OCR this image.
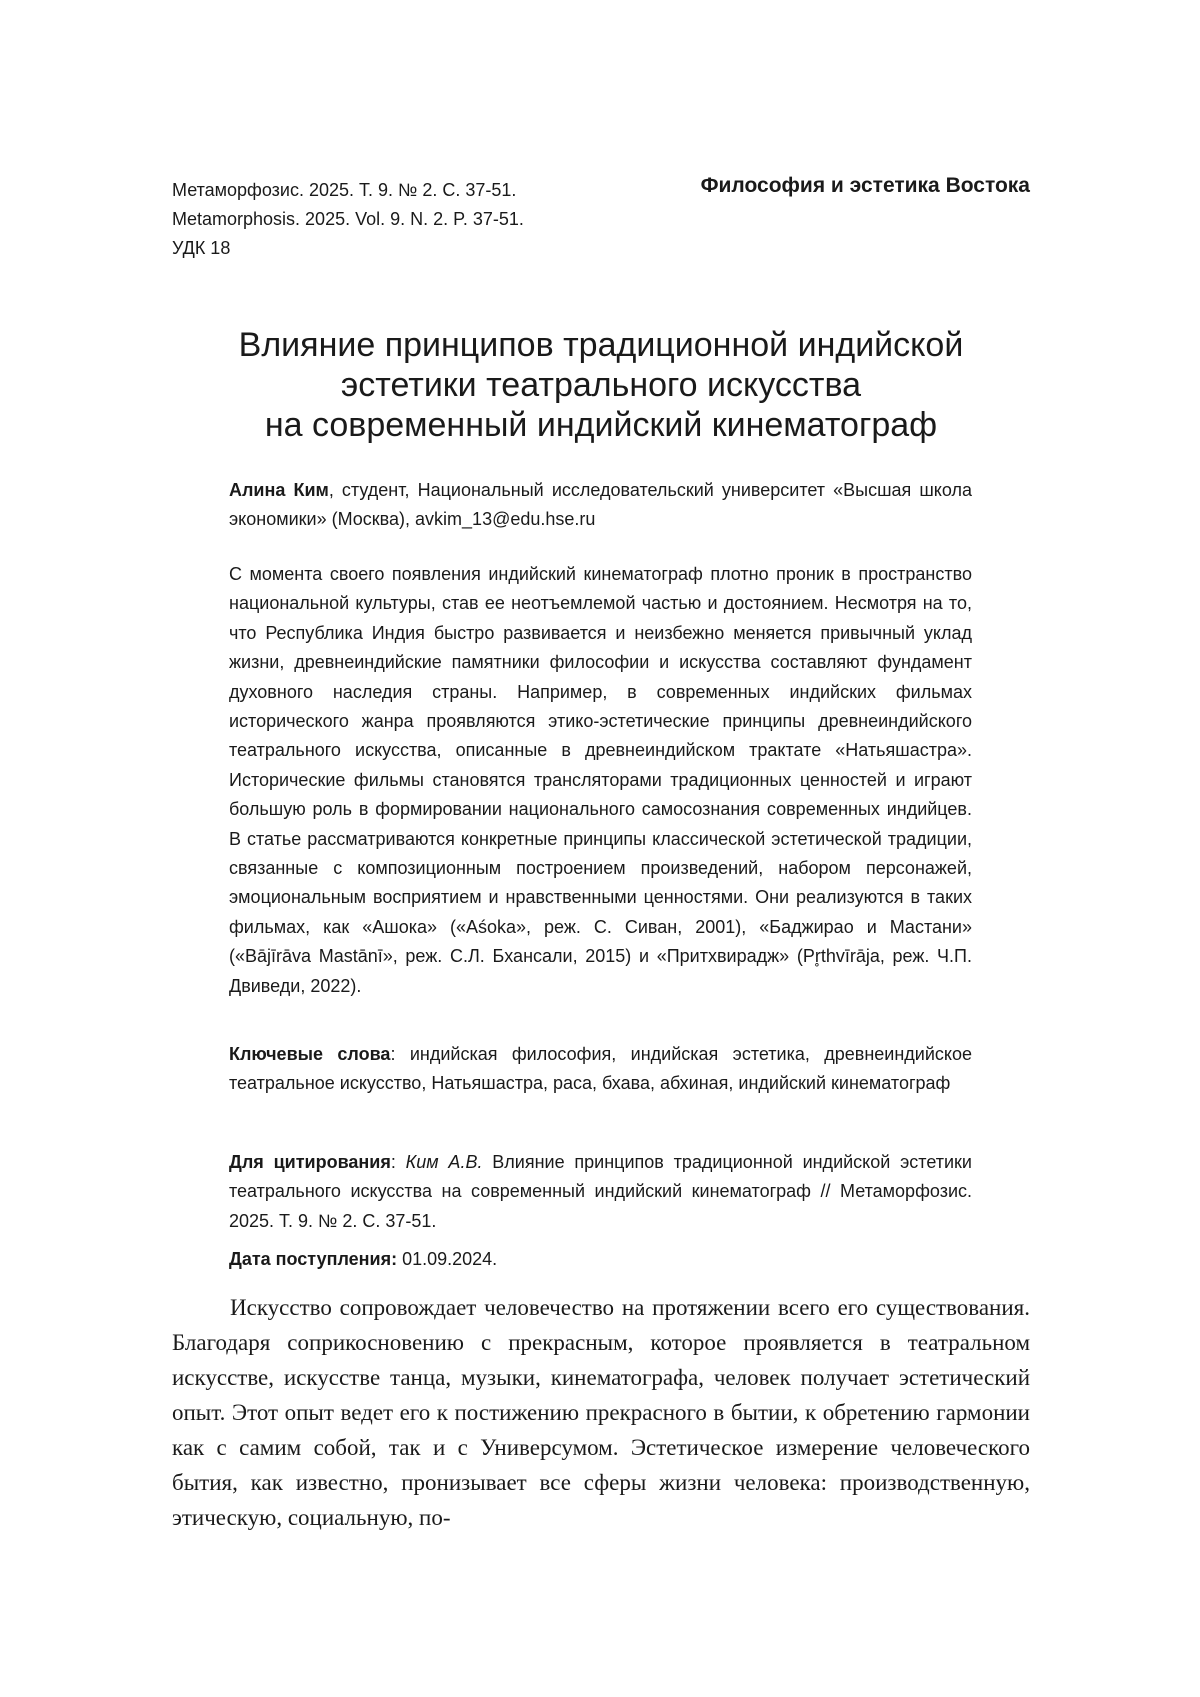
Метаморфозис. 2025. Т. 9. № 2. С. 37-51.
Metamorphosis. 2025. Vol. 9. N. 2. P. 37-51.
УДК 18
Философия и эстетика Востока
Влияние принципов традиционной индийской
эстетики театрального искусства
на современный индийский кинематограф

Алина Ким, студент, Национальный исследовательский университет «Высшая школа экономики» (Москва), avkim_13@edu.hse.ru

С момента своего появления индийский кинематограф плотно проник в пространство национальной культуры, став ее неотъемлемой частью и достоянием. Несмотря на то, что Республика Индия быстро развивается и неизбежно меняется привычный уклад жизни, древнеиндийские памятники философии и искусства составляют фундамент духовного наследия страны. Например, в современных индийских фильмах исторического жанра проявляются этико-эстетические принципы древнеиндийского театрального искусства, описанные в древнеиндийском трактате «Натьяшастра». Исторические фильмы становятся трансляторами традиционных ценностей и играют большую роль в формировании национального самосознания современных индийцев. В статье рассматриваются конкретные принципы классической эстетической традиции, связанные с композиционным построением произведений, набором персонажей, эмоциональным восприятием и нравственными ценностями. Они реализуются в таких фильмах, как «Ашока» («Aśoka», реж. С. Сиван, 2001), «Баджирао и Мастани» («Bājīrāva Mastānī», реж. С.Л. Бхансали, 2015) и «Притхвирадж» (Pr̥thvīrāja, реж. Ч.П. Двиведи, 2022).

Ключевые слова: индийская философия, индийская эстетика, древнеиндийское театральное искусство, Натьяшастра, раса, бхава, абхиная, индийский кинематограф

Для цитирования: Ким А.В. Влияние принципов традиционной индийской эстетики театрального искусства на современный индийский кинематограф // Метаморфозис. 2025. Т. 9. № 2. С. 37-51.

Дата поступления: 01.09.2024.

Искусство сопровождает человечество на протяжении всего его существования. Благодаря соприкосновению с прекрасным, которое проявляется в театральном искусстве, искусстве танца, музыки, кинематографа, человек получает эстетический опыт. Этот опыт ведет его к постижению прекрасного в бытии, к обретению гармонии как с самим собой, так и с Универсумом. Эстетическое измерение человеческого бытия, как известно, пронизывает все сферы жизни человека: производственную, этическую, социальную, по-
